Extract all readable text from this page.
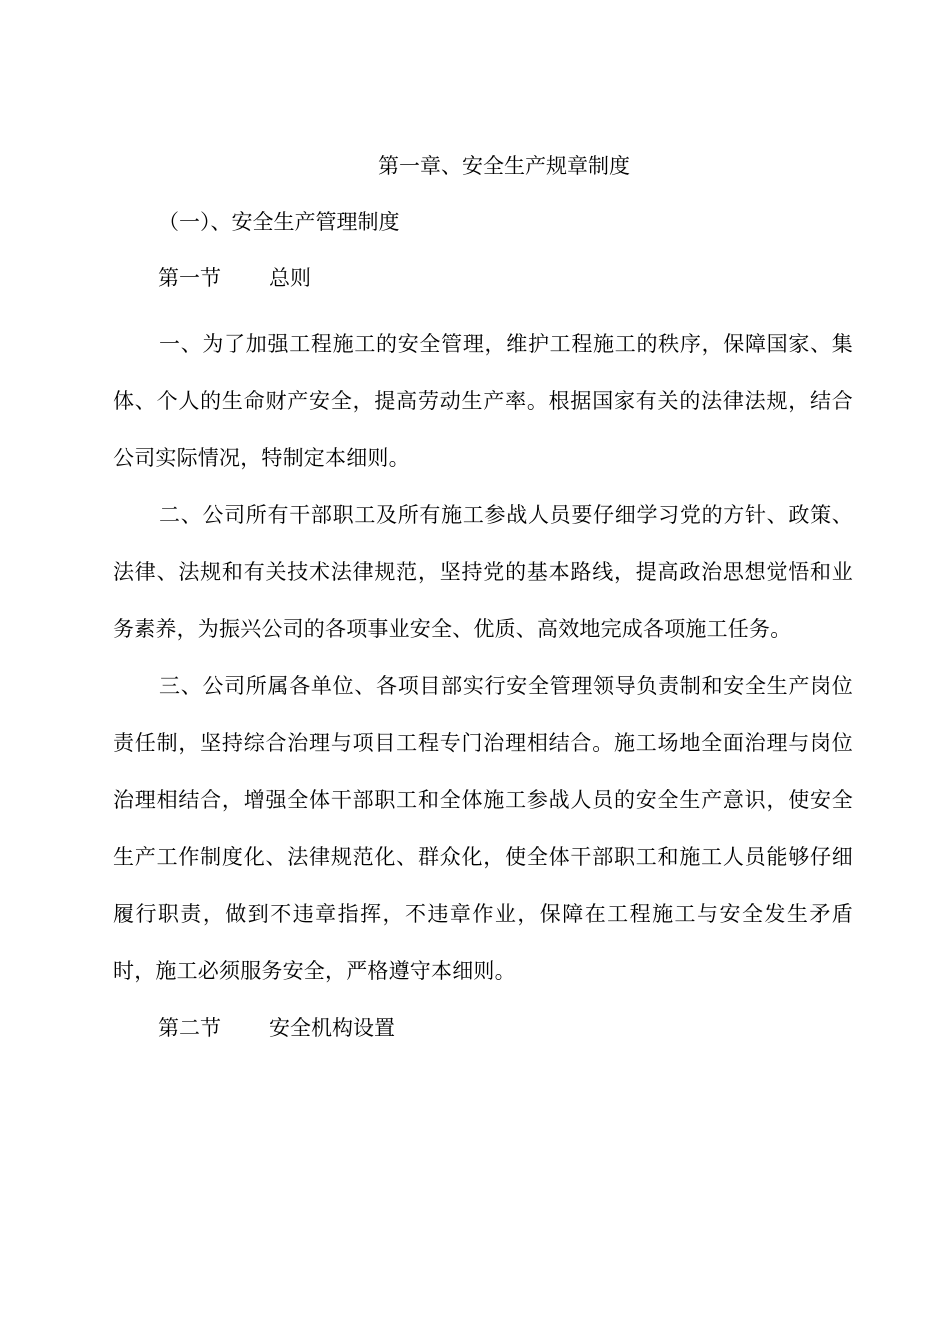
第一章、安全生产规章制度

（一）、安全生产管理制度

第一节 总则

一、为了加强工程施工的安全管理，维护工程施工的秩序，保障国家、集体、个人的生命财产安全，提高劳动生产率。根据国家有关的法律法规，结合公司实际情况，特制定本细则。

二、公司所有干部职工及所有施工参战人员要仔细学习党的方针、政策、法律、法规和有关技术法律规范，坚持党的基本路线，提高政治思想觉悟和业务素养，为振兴公司的各项事业安全、优质、高效地完成各项施工任务。

三、公司所属各单位、各项目部实行安全管理领导负责制和安全生产岗位责任制，坚持综合治理与项目工程专门治理相结合。施工场地全面治理与岗位治理相结合，增强全体干部职工和全体施工参战人员的安全生产意识，使安全生产工作制度化、法律规范化、群众化，使全体干部职工和施工人员能够仔细履行职责，做到不违章指挥，不违章作业，保障在工程施工与安全发生矛盾时，施工必须服务安全，严格遵守本细则。

第二节 安全机构设置
